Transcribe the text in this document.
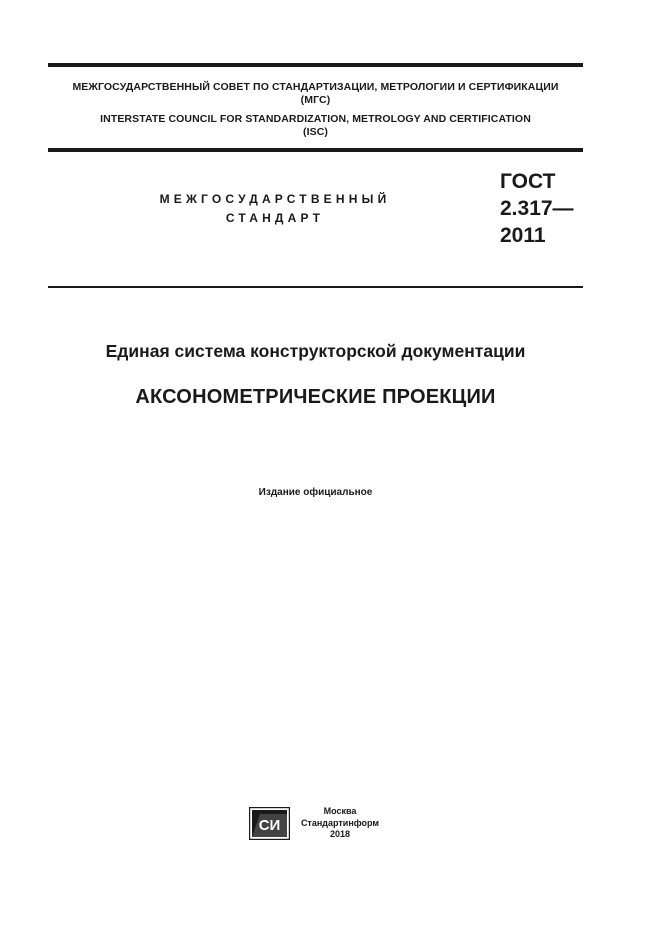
МЕЖГОСУДАРСТВЕННЫЙ СОВЕТ ПО СТАНДАРТИЗАЦИИ, МЕТРОЛОГИИ И СЕРТИФИКАЦИИ
(МГС)
INTERSTATE COUNCIL FOR STANDARDIZATION, METROLOGY AND CERTIFICATION
(ISC)
МЕЖГОСУДАРСТВЕННЫЙ
СТАНДАРТ
ГОСТ
2.317—
2011
Единая система конструкторской документации
АКСОНОМЕТРИЧЕСКИЕ ПРОЕКЦИИ
Издание официальное
СИ
Москва
Стандартинформ
2018
